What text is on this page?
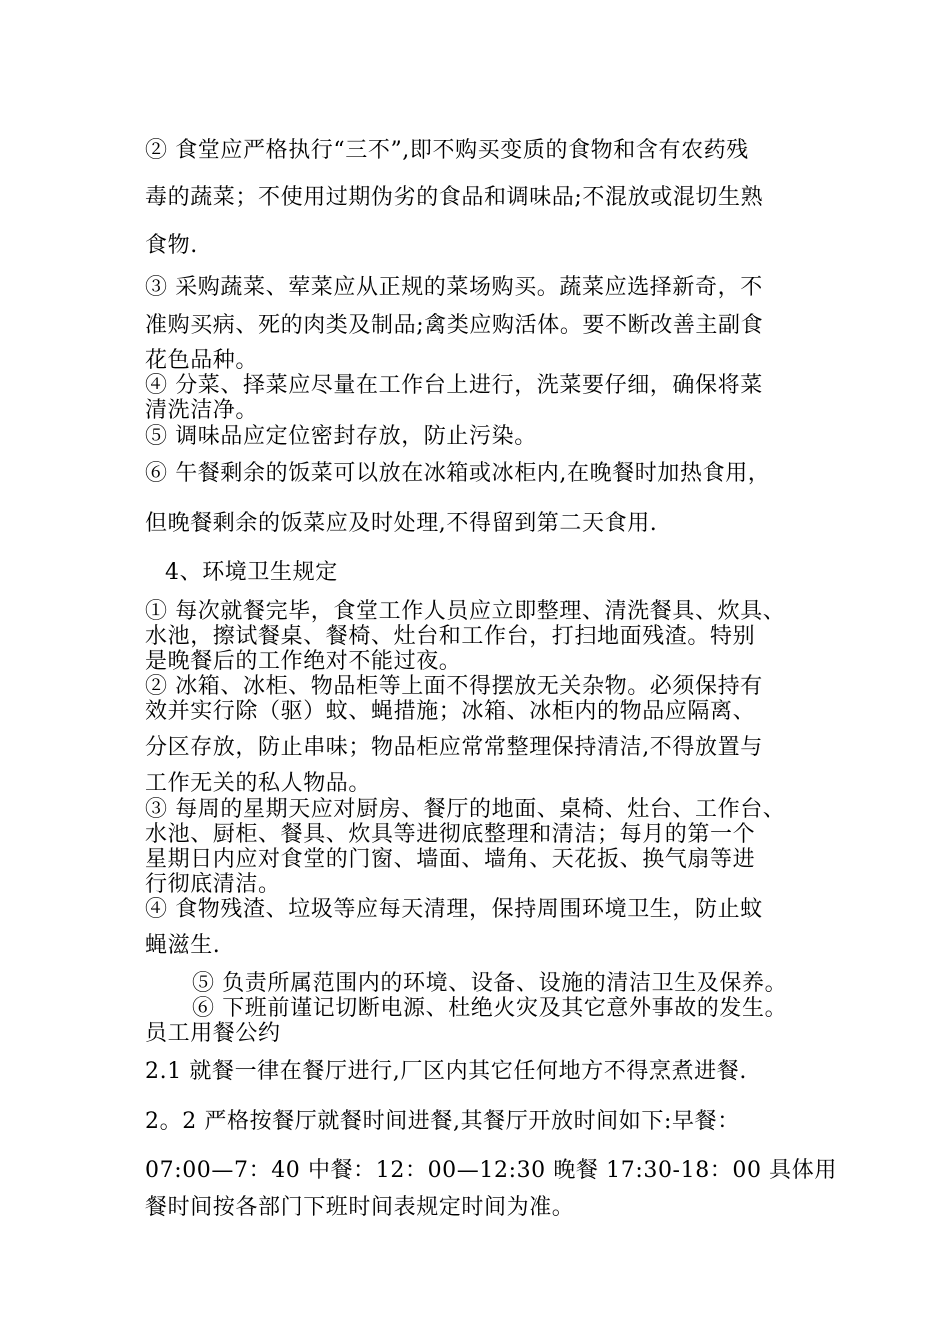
② 食堂应严格执行“三不”,即不购买变质的食物和含有农药残
毒的蔬菜；不使用过期伪劣的食品和调味品;不混放或混切生熟
食物.
③ 采购蔬菜、荤菜应从正规的菜场购买。蔬菜应选择新奇，不
准购买病、死的肉类及制品;禽类应购活体。要不断改善主副食
花色品种。
④ 分菜、择菜应尽量在工作台上进行，洗菜要仔细，确保将菜
清洗洁净。
⑤ 调味品应定位密封存放，防止污染。
⑥ 午餐剩余的饭菜可以放在冰箱或冰柜内,在晚餐时加热食用，
但晚餐剩余的饭菜应及时处理,不得留到第二天食用.
4、环境卫生规定
① 每次就餐完毕，食堂工作人员应立即整理、清洗餐具、炊具、
水池，擦试餐桌、餐椅、灶台和工作台，打扫地面残渣。特别
是晚餐后的工作绝对不能过夜。
② 冰箱、冰柜、物品柜等上面不得摆放无关杂物。必须保持有
效并实行除（驱）蚊、蝇措施；冰箱、冰柜内的物品应隔离、
分区存放，防止串味；物品柜应常常整理保持清洁,不得放置与
工作无关的私人物品。
③ 每周的星期天应对厨房、餐厅的地面、桌椅、灶台、工作台、
水池、厨柜、餐具、炊具等进彻底整理和清洁；每月的第一个
星期日内应对食堂的门窗、墙面、墙角、天花扳、换气扇等进
行彻底清洁。
④ 食物残渣、垃圾等应每天清理，保持周围环境卫生，防止蚊
蝇滋生.
⑤ 负责所属范围内的环境、设备、设施的清洁卫生及保养。
⑥ 下班前谨记切断电源、杜绝火灾及其它意外事故的发生。
员工用餐公约
2.1 就餐一律在餐厅进行,厂区内其它任何地方不得烹煮进餐.
2。2 严格按餐厅就餐时间进餐,其餐厅开放时间如下:早餐：
07:00—7：40 中餐：12：00—12:30 晚餐 17:30-18：00 具体用
餐时间按各部门下班时间表规定时间为准。
